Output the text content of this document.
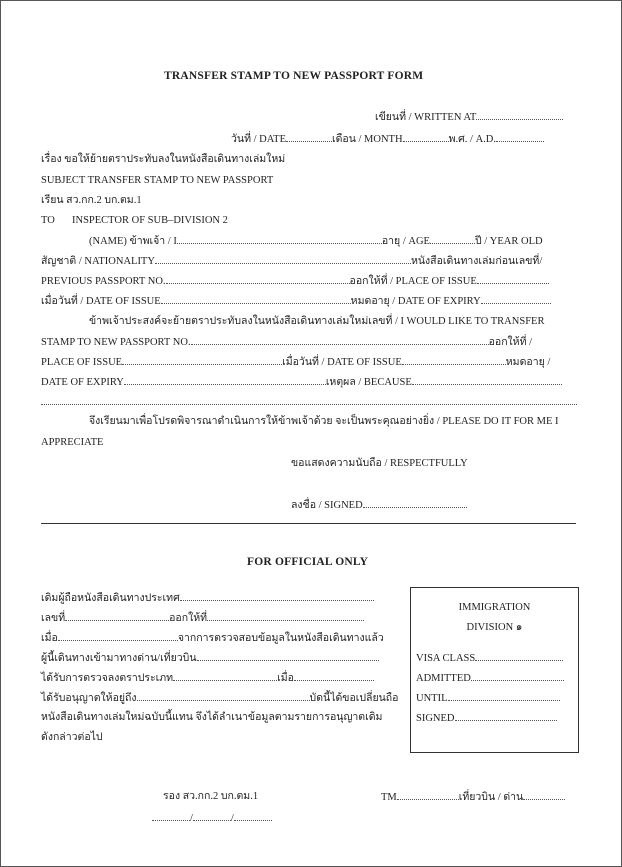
TRANSFER STAMP TO NEW PASSPORT FORM
เขียนที่ / WRITTEN AT
วันที่ / DATE	เดือน / MONTH	พ.ศ. / A.D.
เรื่อง ขอให้ย้ายตราประทับลงในหนังสือเดินทางเล่มใหม่
SUBJECT TRANSFER STAMP TO NEW PASSPORT
เรียน สว.กก.2 บก.ตม.1
TO INSPECTOR OF SUB–DIVISION 2
(NAME) ข้าพเจ้า / I	อายุ / AGE	ปี / YEAR OLD
สัญชาติ / NATIONALITY	หนังสือเดินทางเล่มก่อนเลขที่/
PREVIOUS PASSPORT NO.	ออกให้ที่ / PLACE OF ISSUE
เมื่อวันที่ / DATE OF ISSUE	หมดอายุ / DATE OF EXPIRY
ข้าพเจ้าประสงค์จะย้ายตราประทับลงในหนังสือเดินทางเล่มใหม่เลขที่ / I WOULD LIKE TO TRANSFER
STAMP TO NEW PASSPORT NO.	ออกให้ที่ /
PLACE OF ISSUE	เมื่อวันที่ / DATE OF ISSUE	หมดอายุ /
DATE OF EXPIRY	เหตุผล / BECAUSE
จึงเรียนมาเพื่อโปรดพิจารณาดำเนินการให้ข้าพเจ้าด้วย จะเป็นพระคุณอย่างยิ่ง / PLEASE DO IT FOR ME I
APPRECIATE
ขอแสดงความนับถือ / RESPECTFULLY
ลงชื่อ / SIGNED
FOR OFFICIAL ONLY
เดิมผู้ถือหนังสือเดินทางประเทศ
เลขที่	ออกให้ที่
เมื่อ	จากการตรวจสอบข้อมูลในหนังสือเดินทางแล้ว
ผู้นี้เดินทางเข้ามาทางด่าน/เที่ยวบิน
ได้รับการตรวจลงตราประเภท	เมื่อ
ได้รับอนุญาตให้อยู่ถึง	บัดนี้ได้ขอเปลี่ยนถือ
หนังสือเดินทางเล่มใหม่ฉบับนี้แทน จึงได้ลำเนาข้อมูลตามรายการอนุญาตเดิม
ดังกล่าวต่อไป
IMMIGRATION
DIVISION ๑
VISA CLASS
ADMITTED
UNTIL
SIGNED
รอง สว.กก.2 บก.ตม.1
/	/
TM	เที่ยวบิน / ด่าน
